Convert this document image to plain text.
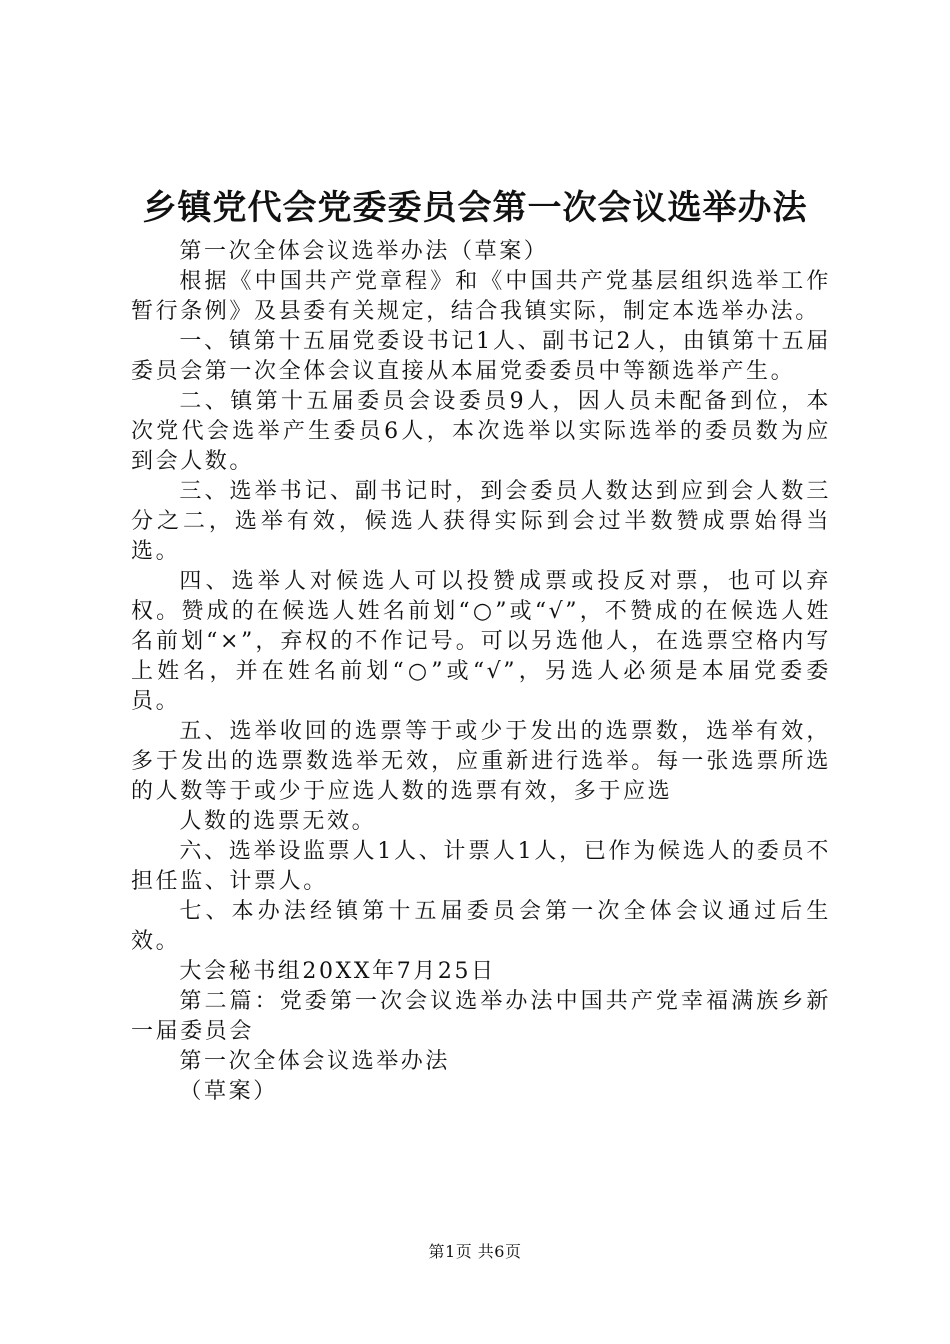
乡镇党代会党委委员会第一次会议选举办法

第一次全体会议选举办法（草案）

根据《中国共产党章程》和《中国共产党基层组织选举工作暂行条例》及县委有关规定，结合我镇实际，制定本选举办法。

一、镇第十五届党委设书记1人、副书记2人，由镇第十五届委员会第一次全体会议直接从本届党委委员中等额选举产生。

二、镇第十五届委员会设委员9人，因人员未配备到位，本次党代会选举产生委员6人，本次选举以实际选举的委员数为应到会人数。

三、选举书记、副书记时，到会委员人数达到应到会人数三分之二，选举有效，候选人获得实际到会过半数赞成票始得当选。

四、选举人对候选人可以投赞成票或投反对票，也可以弃权。赞成的在候选人姓名前划“○”或“√”，不赞成的在候选人姓名前划“×”，弃权的不作记号。可以另选他人，在选票空格内写上姓名，并在姓名前划“○”或“√”，另选人必须是本届党委委员。

五、选举收回的选票等于或少于发出的选票数，选举有效，多于发出的选票数选举无效，应重新进行选举。每一张选票所选的人数等于或少于应选人数的选票有效，多于应选

人数的选票无效。

六、选举设监票人1人、计票人1人，已作为候选人的委员不担任监、计票人。

七、本办法经镇第十五届委员会第一次全体会议通过后生效。

大会秘书组20XX年7月25日

第二篇：党委第一次会议选举办法中国共产党幸福满族乡新一届委员会

第一次全体会议选举办法

（草案）

第1页 共6页
